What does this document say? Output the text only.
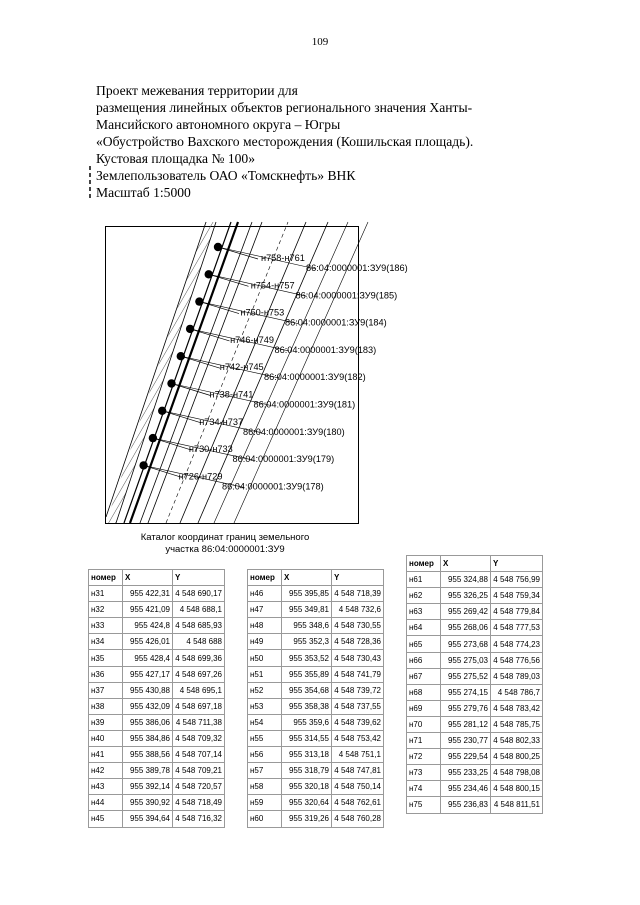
109
Проект межевания территории для
размещения линейных объектов регионального значения Ханты-
Мансийского автономного округа – Югры
«Обустройство Вахского месторождения (Кошильская площадь).
Кустовая площадка № 100»
Землепользователь ОАО «Томскнефть» ВНК
Масштаб 1:5000
н758-н761
86:04:0000001:ЗУ9(186)
н754-н757
86:04:0000001:ЗУ9(185)
н750-н753
86:04:0000001:ЗУ9(184)
н746-н749
86:04:0000001:ЗУ9(183)
н742-н745
86:04:0000001:ЗУ9(182)
н738-н741
86:04:0000001:ЗУ9(181)
н734-н737
86:04:0000001:ЗУ9(180)
н730-н733
86:04:0000001:ЗУ9(179)
н726-н729
86:04:0000001:ЗУ9(178)
Каталог координат границ земельного
участка 86:04:0000001:ЗУ9
номер	X	Y
н31	955 422,31	4 548 690,17
н32	955 421,09	4 548 688,1
н33	955 424,8	4 548 685,93
н34	955 426,01	4 548 688
н35	955 428,4	4 548 699,36
н36	955 427,17	4 548 697,26
н37	955 430,88	4 548 695,1
н38	955 432,09	4 548 697,18
н39	955 386,06	4 548 711,38
н40	955 384,86	4 548 709,32
н41	955 388,56	4 548 707,14
н42	955 389,78	4 548 709,21
н43	955 392,14	4 548 720,57
н44	955 390,92	4 548 718,49
н45	955 394,64	4 548 716,32
номер	X	Y
н46	955 395,85	4 548 718,39
н47	955 349,81	4 548 732,6
н48	955 348,6	4 548 730,55
н49	955 352,3	4 548 728,36
н50	955 353,52	4 548 730,43
н51	955 355,89	4 548 741,79
н52	955 354,68	4 548 739,72
н53	955 358,38	4 548 737,55
н54	955 359,6	4 548 739,62
н55	955 314,55	4 548 753,42
н56	955 313,18	4 548 751,1
н57	955 318,79	4 548 747,81
н58	955 320,18	4 548 750,14
н59	955 320,64	4 548 762,61
н60	955 319,26	4 548 760,28
номер	X	Y
н61	955 324,88	4 548 756,99
н62	955 326,25	4 548 759,34
н63	955 269,42	4 548 779,84
н64	955 268,06	4 548 777,53
н65	955 273,68	4 548 774,23
н66	955 275,03	4 548 776,56
н67	955 275,52	4 548 789,03
н68	955 274,15	4 548 786,7
н69	955 279,76	4 548 783,42
н70	955 281,12	4 548 785,75
н71	955 230,77	4 548 802,33
н72	955 229,54	4 548 800,25
н73	955 233,25	4 548 798,08
н74	955 234,46	4 548 800,15
н75	955 236,83	4 548 811,51
